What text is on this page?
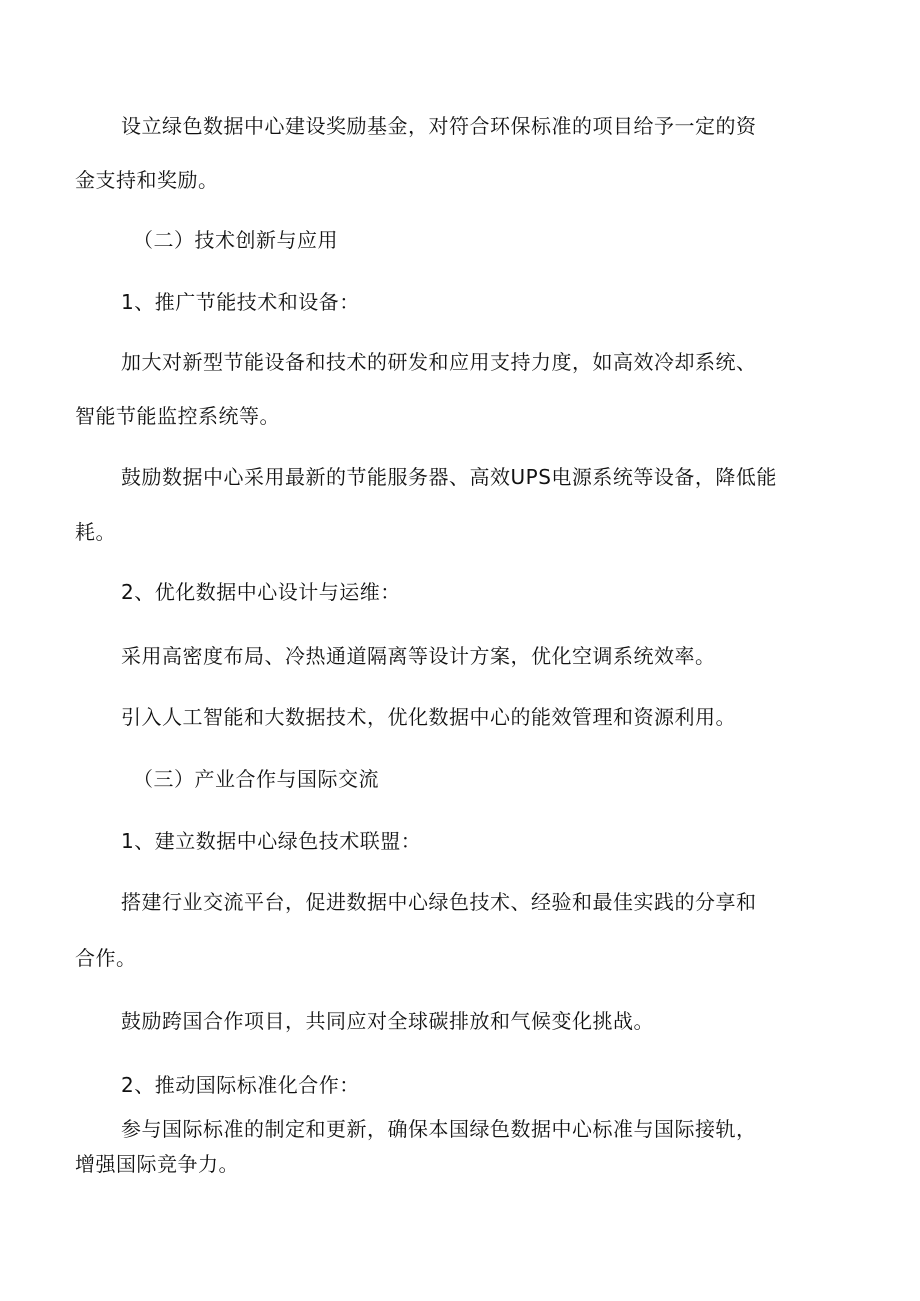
设立绿色数据中心建设奖励基金，对符合环保标准的项目给予一定的资
金支持和奖励。
（二）技术创新与应用
1、推广节能技术和设备：
加大对新型节能设备和技术的研发和应用支持力度，如高效冷却系统、
智能节能监控系统等。
鼓励数据中心采用最新的节能服务器、高效UPS电源系统等设备，降低能
耗。
2、优化数据中心设计与运维：
采用高密度布局、冷热通道隔离等设计方案，优化空调系统效率。
引入人工智能和大数据技术，优化数据中心的能效管理和资源利用。
（三）产业合作与国际交流
1、建立数据中心绿色技术联盟：
搭建行业交流平台，促进数据中心绿色技术、经验和最佳实践的分享和
合作。
鼓励跨国合作项目，共同应对全球碳排放和气候变化挑战。
2、推动国际标准化合作：
参与国际标准的制定和更新，确保本国绿色数据中心标准与国际接轨，
增强国际竞争力。
